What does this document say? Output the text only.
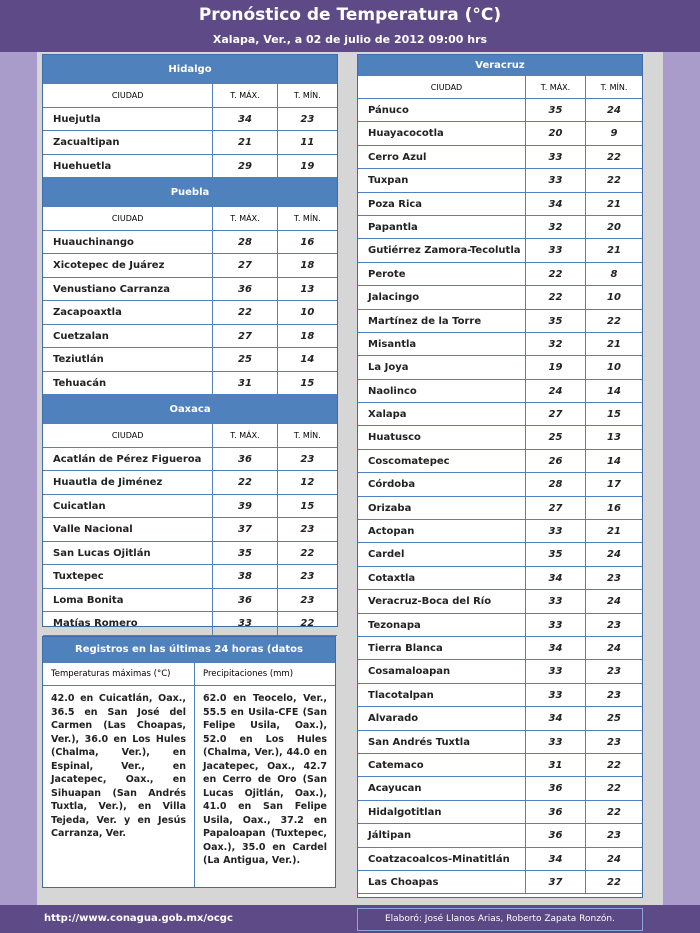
Pronóstico de Temperatura (°C)
Xalapa, Ver., a 02 de julio de 2012 09:00 hrs
Hidalgo
CIUDAD	T. MÁX.	T. MÍN.
Huejutla	34	23
Zacualtipan	21	11
Huehuetla	29	19
Puebla
CIUDAD	T. MÁX.	T. MÍN.
Huauchinango	28	16
Xicotepec de Juárez	27	18
Venustiano Carranza	36	13
Zacapoaxtla	22	10
Cuetzalan	27	18
Teziutlán	25	14
Tehuacán	31	15
Oaxaca
CIUDAD	T. MÁX.	T. MÍN.
Acatlán de Pérez Figueroa	36	23
Huautla de Jiménez	22	12
Cuicatlan	39	15
Valle Nacional	37	23
San Lucas Ojitlán	35	22
Tuxtepec	38	23
Loma Bonita	36	23
Matías Romero	33	22
Registros en las últimas 24 horas (datos observados)
Temperaturas máximas (°C)	Precipitaciones (mm)
42.0 en Cuicatlán, Oax., 36.5 en San José del Carmen (Las Choapas, Ver.), 36.0 en Los Hules (Chalma, Ver.), en Espinal, Ver., en Jacatepec, Oax., en Sihuapan (San Andrés Tuxtla, Ver.), en Villa Tejeda, Ver. y en Jesús Carranza, Ver.
62.0 en Teocelo, Ver., 55.5 en Usila-CFE (San Felipe Usila, Oax.), 52.0 en Los Hules (Chalma, Ver.), 44.0 en Jacatepec, Oax., 42.7 en Cerro de Oro (San Lucas Ojitlán, Oax.), 41.0 en San Felipe Usila, Oax., 37.2 en Papaloapan (Tuxtepec, Oax.), 35.0 en Cardel (La Antigua, Ver.).
Veracruz
CIUDAD	T. MÁX.	T. MÍN.
Pánuco	35	24
Huayacocotla	20	9
Cerro Azul	33	22
Tuxpan	33	22
Poza Rica	34	21
Papantla	32	20
Gutiérrez Zamora-Tecolutla	33	21
Perote	22	8
Jalacingo	22	10
Martínez de la Torre	35	22
Misantla	32	21
La Joya	19	10
Naolinco	24	14
Xalapa	27	15
Huatusco	25	13
Coscomatepec	26	14
Córdoba	28	17
Orizaba	27	16
Actopan	33	21
Cardel	35	24
Cotaxtla	34	23
Veracruz-Boca del Río	33	24
Tezonapa	33	23
Tierra Blanca	34	24
Cosamaloapan	33	23
Tlacotalpan	33	23
Alvarado	34	25
San Andrés Tuxtla	33	23
Catemaco	31	22
Acayucan	36	22
Hidalgotitlan	36	22
Jáltipan	36	23
Coatzacoalcos-Minatitlán	34	24
Las Choapas	37	22
http://www.conagua.gob.mx/ocgc	Elaboró: José Llanos Arias, Roberto Zapata Ronzón.
